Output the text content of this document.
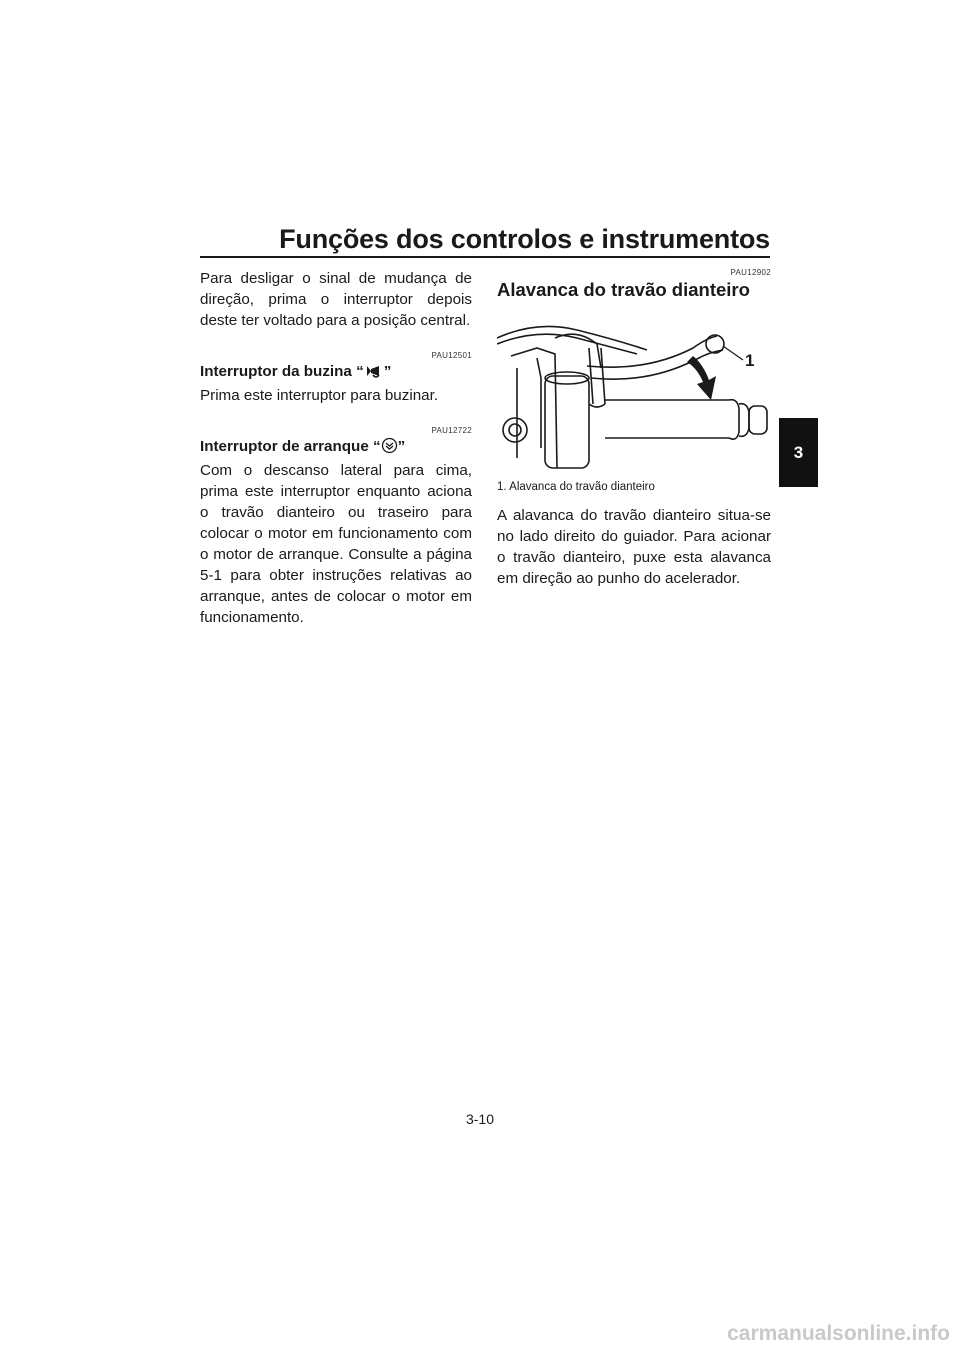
Funções dos controlos e instrumentos
3

Para desligar o sinal de mudança de direção, prima o interruptor depois deste ter voltado para a posição central.

PAU12501

Interruptor da buzina “ ”

Prima este interruptor para buzinar.

PAU12722

Interruptor de arranque “ ”

Com o descanso lateral para cima, prima este interruptor enquanto aciona o travão dianteiro ou traseiro para colocar o motor em funcionamento com o motor de arranque. Consulte a página 5-1 para obter instruções relativas ao arranque, antes de colocar o motor em funcionamento.

PAU12902

Alavanca do travão dianteiro

1
1. Alavanca do travão dianteiro

A alavanca do travão dianteiro situa-se no lado direito do guiador. Para acionar o travão dianteiro, puxe esta alavanca em direção ao punho do acelerador.

3-10
carmanualsonline.info
